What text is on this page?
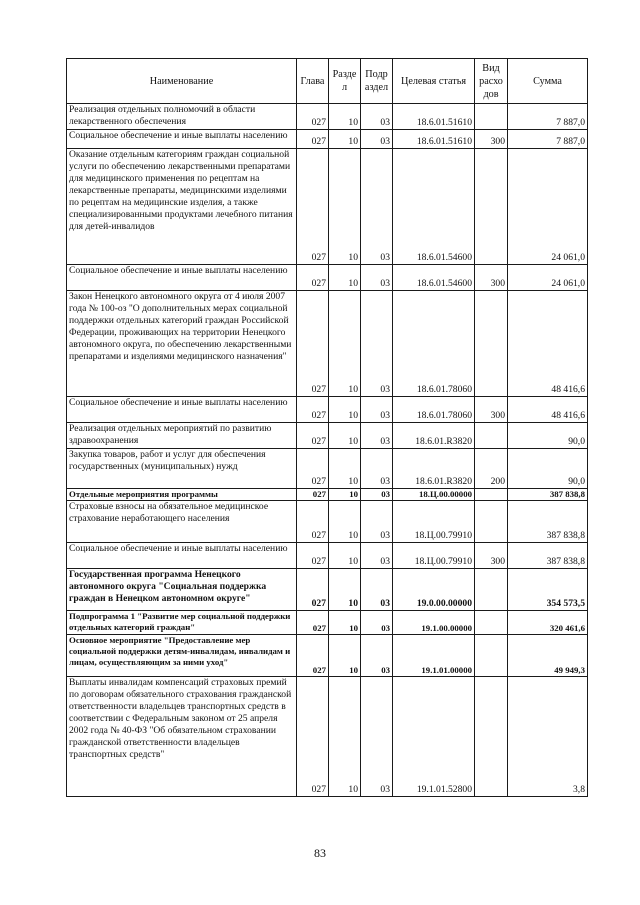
Наименование	Глава	Разде л	Подр аздел	Целевая статья	Вид расхо дов	Сумма
Реализация отдельных полномочий в области лекарственного обеспечения	027	10	03	18.6.01.51610		7 887,0
Социальное обеспечение и иные выплаты населению	027	10	03	18.6.01.51610	300	7 887,0
Оказание отдельным категориям граждан социальной услуги по обеспечению лекарственными препаратами для медицинского применения по рецептам на лекарственные препараты, медицинскими изделиями по рецептам на медицинские изделия, а также специализированными продуктами лечебного питания для детей-инвалидов	027	10	03	18.6.01.54600		24 061,0
Социальное обеспечение и иные выплаты населению	027	10	03	18.6.01.54600	300	24 061,0
Закон Ненецкого автономного округа от 4 июля 2007 года № 100-оз "О дополнительных мерах социальной поддержки отдельных категорий граждан Российской Федерации, проживающих на территории Ненецкого автономного округа, по обеспечению лекарственными препаратами и изделиями медицинского назначения"	027	10	03	18.6.01.78060		48 416,6
Социальное обеспечение и иные выплаты населению	027	10	03	18.6.01.78060	300	48 416,6
Реализация отдельных мероприятий по развитию здравоохранения	027	10	03	18.6.01.R3820		90,0
Закупка товаров, работ и услуг для обеспечения государственных (муниципальных) нужд	027	10	03	18.6.01.R3820	200	90,0
Отдельные мероприятия программы	027	10	03	18.Ц.00.00000		387 838,8
Страховые взносы на обязательное медицинское страхование неработающего населения	027	10	03	18.Ц.00.79910		387 838,8
Социальное обеспечение и иные выплаты населению	027	10	03	18.Ц.00.79910	300	387 838,8
Государственная программа Ненецкого автономного округа "Социальная поддержка граждан в Ненецком автономном округе"	027	10	03	19.0.00.00000		354 573,5
Подпрограмма 1 "Развитие мер социальной поддержки отдельных категорий граждан"	027	10	03	19.1.00.00000		320 461,6
Основное мероприятие "Предоставление мер социальной поддержки детям-инвалидам, инвалидам и лицам, осуществляющим за ними уход"	027	10	03	19.1.01.00000		49 949,3
Выплаты инвалидам компенсаций страховых премий по договорам обязательного страхования гражданской ответственности владельцев транспортных средств в соответствии с Федеральным законом от 25 апреля 2002 года № 40-ФЗ "Об обязательном страховании гражданской ответственности владельцев транспортных средств"	027	10	03	19.1.01.52800		3,8
83
